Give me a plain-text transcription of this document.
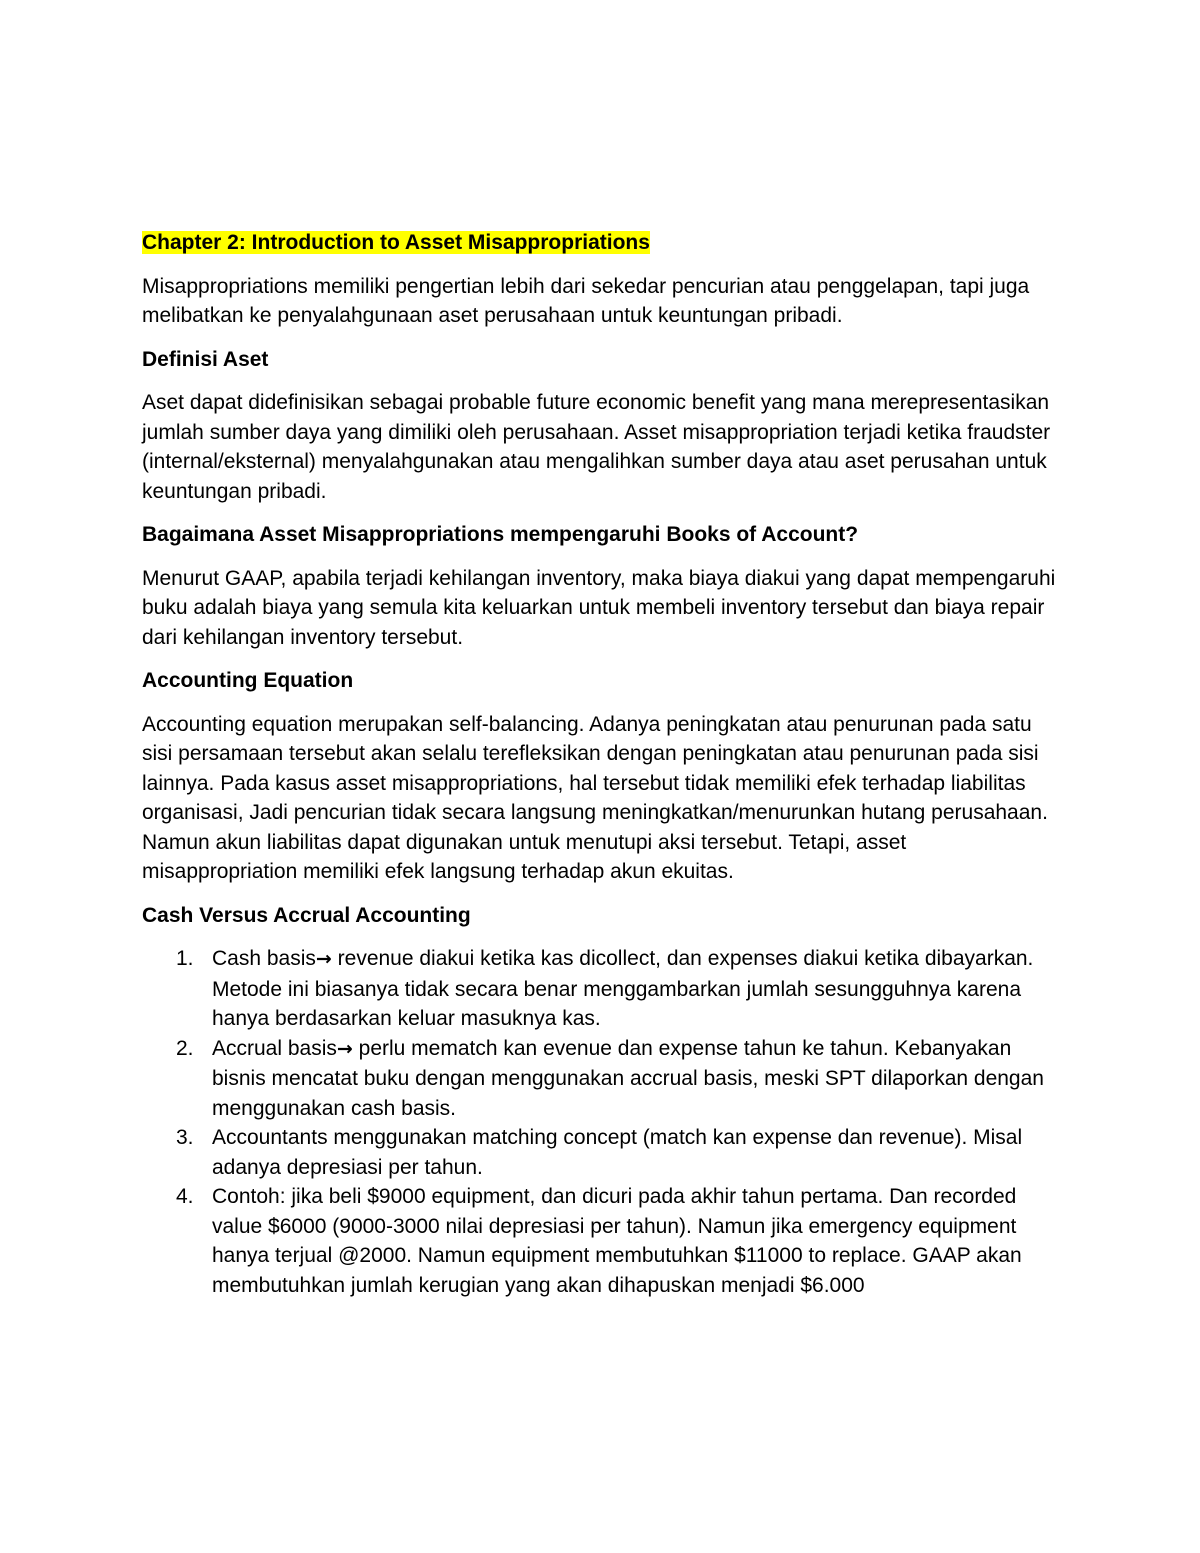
Chapter 2: Introduction to Asset Misappropriations

Misappropriations memiliki pengertian lebih dari sekedar pencurian atau penggelapan, tapi juga melibatkan ke penyalahgunaan aset perusahaan untuk keuntungan pribadi.

Definisi Aset

Aset dapat didefinisikan sebagai probable future economic benefit yang mana merepresentasikan jumlah sumber daya yang dimiliki oleh perusahaan. Asset misappropriation terjadi ketika fraudster (internal/eksternal) menyalahgunakan atau mengalihkan sumber daya atau aset perusahan untuk keuntungan pribadi.

Bagaimana Asset Misappropriations mempengaruhi Books of Account?

Menurut GAAP, apabila terjadi kehilangan inventory, maka biaya diakui yang dapat mempengaruhi buku adalah biaya yang semula kita keluarkan untuk membeli inventory tersebut dan biaya repair dari kehilangan inventory tersebut.

Accounting Equation

Accounting equation merupakan self-balancing. Adanya peningkatan atau penurunan pada satu sisi persamaan tersebut akan selalu terefleksikan dengan peningkatan atau penurunan pada sisi lainnya. Pada kasus asset misappropriations, hal tersebut tidak memiliki efek terhadap liabilitas organisasi, Jadi pencurian tidak secara langsung meningkatkan/menurunkan hutang perusahaan. Namun akun liabilitas dapat digunakan untuk menutupi aksi tersebut. Tetapi, asset misappropriation memiliki efek langsung terhadap akun ekuitas.

Cash Versus Accrual Accounting

1. Cash basis→ revenue diakui ketika kas dicollect, dan expenses diakui ketika dibayarkan. Metode ini biasanya tidak secara benar menggambarkan jumlah sesungguhnya karena hanya berdasarkan keluar masuknya kas.
2. Accrual basis→ perlu mematch kan evenue dan expense tahun ke tahun. Kebanyakan bisnis mencatat buku dengan menggunakan accrual basis, meski SPT dilaporkan dengan menggunakan cash basis.
3. Accountants menggunakan matching concept (match kan expense dan revenue). Misal adanya depresiasi per tahun.
4. Contoh: jika beli $9000 equipment, dan dicuri pada akhir tahun pertama. Dan recorded value $6000 (9000-3000 nilai depresiasi per tahun). Namun jika emergency equipment hanya terjual @2000. Namun equipment membutuhkan $11000 to replace. GAAP akan membutuhkan jumlah kerugian yang akan dihapuskan menjadi $6.000
